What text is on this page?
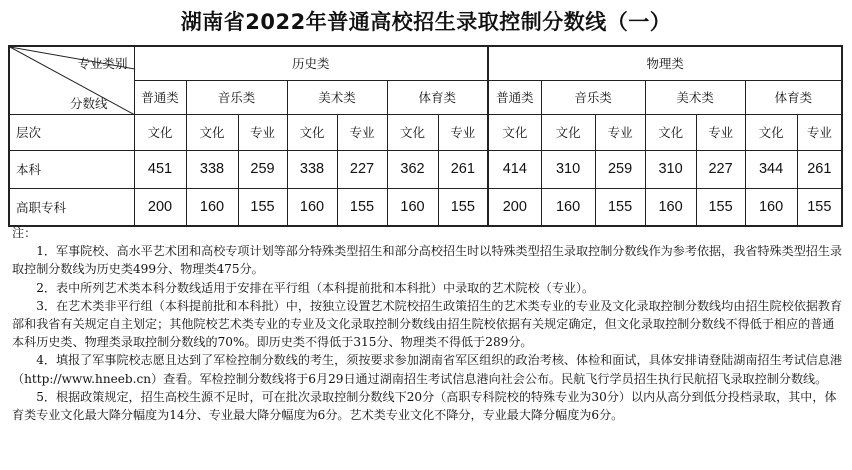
湖南省2022年普通高校招生录取控制分数线（一）
专业类别
分数线	历史类							物理类						
	普通类	音乐类		美术类		体育类		普通类	音乐类		美术类		体育类	
层次	文化	文化	专业	文化	专业	文化	专业	文化	文化	专业	文化	专业	文化	专业
本科	451	338	259	338	227	362	261	414	310	259	310	227	344	261
高职专科	200	160	155	160	155	160	155	200	160	155	160	155	160	155

注：

1．军事院校、高水平艺术团和高校专项计划等部分特殊类型招生和部分高校招生时以特殊类型招生录取控制分数线作为参考依据，我省特殊类型招生录取控制分数线为历史类499分、物理类475分。

2．表中所列艺术类本科分数线适用于安排在平行组（本科提前批和本科批）中录取的艺术院校（专业）。

3．在艺术类非平行组（本科提前批和本科批）中，按独立设置艺术院校招生政策招生的艺术类专业的专业及文化录取控制分数线均由招生院校依据教育部和我省有关规定自主划定；其他院校艺术类专业的专业及文化录取控制分数线由招生院校依据有关规定确定，但文化录取控制分数线不得低于相应的普通本科历史类、物理类录取控制分数线的70%。即历史类不得低于315分、物理类不得低于289分。

4．填报了军事院校志愿且达到了军检控制分数线的考生，须按要求参加湖南省军区组织的政治考核、体检和面试，具体安排请登陆湖南招生考试信息港（http://www.hneeb.cn）查看。军检控制分数线将于6月29日通过湖南招生考试信息港向社会公布。民航飞行学员招生执行民航招飞录取控制分数线。

5．根据政策规定，招生高校生源不足时，可在批次录取控制分数线下20分（高职专科院校的特殊专业为30分）以内从高分到低分投档录取，其中，体育类专业文化最大降分幅度为14分、专业最大降分幅度为6分。艺术类专业文化不降分，专业最大降分幅度为6分。
